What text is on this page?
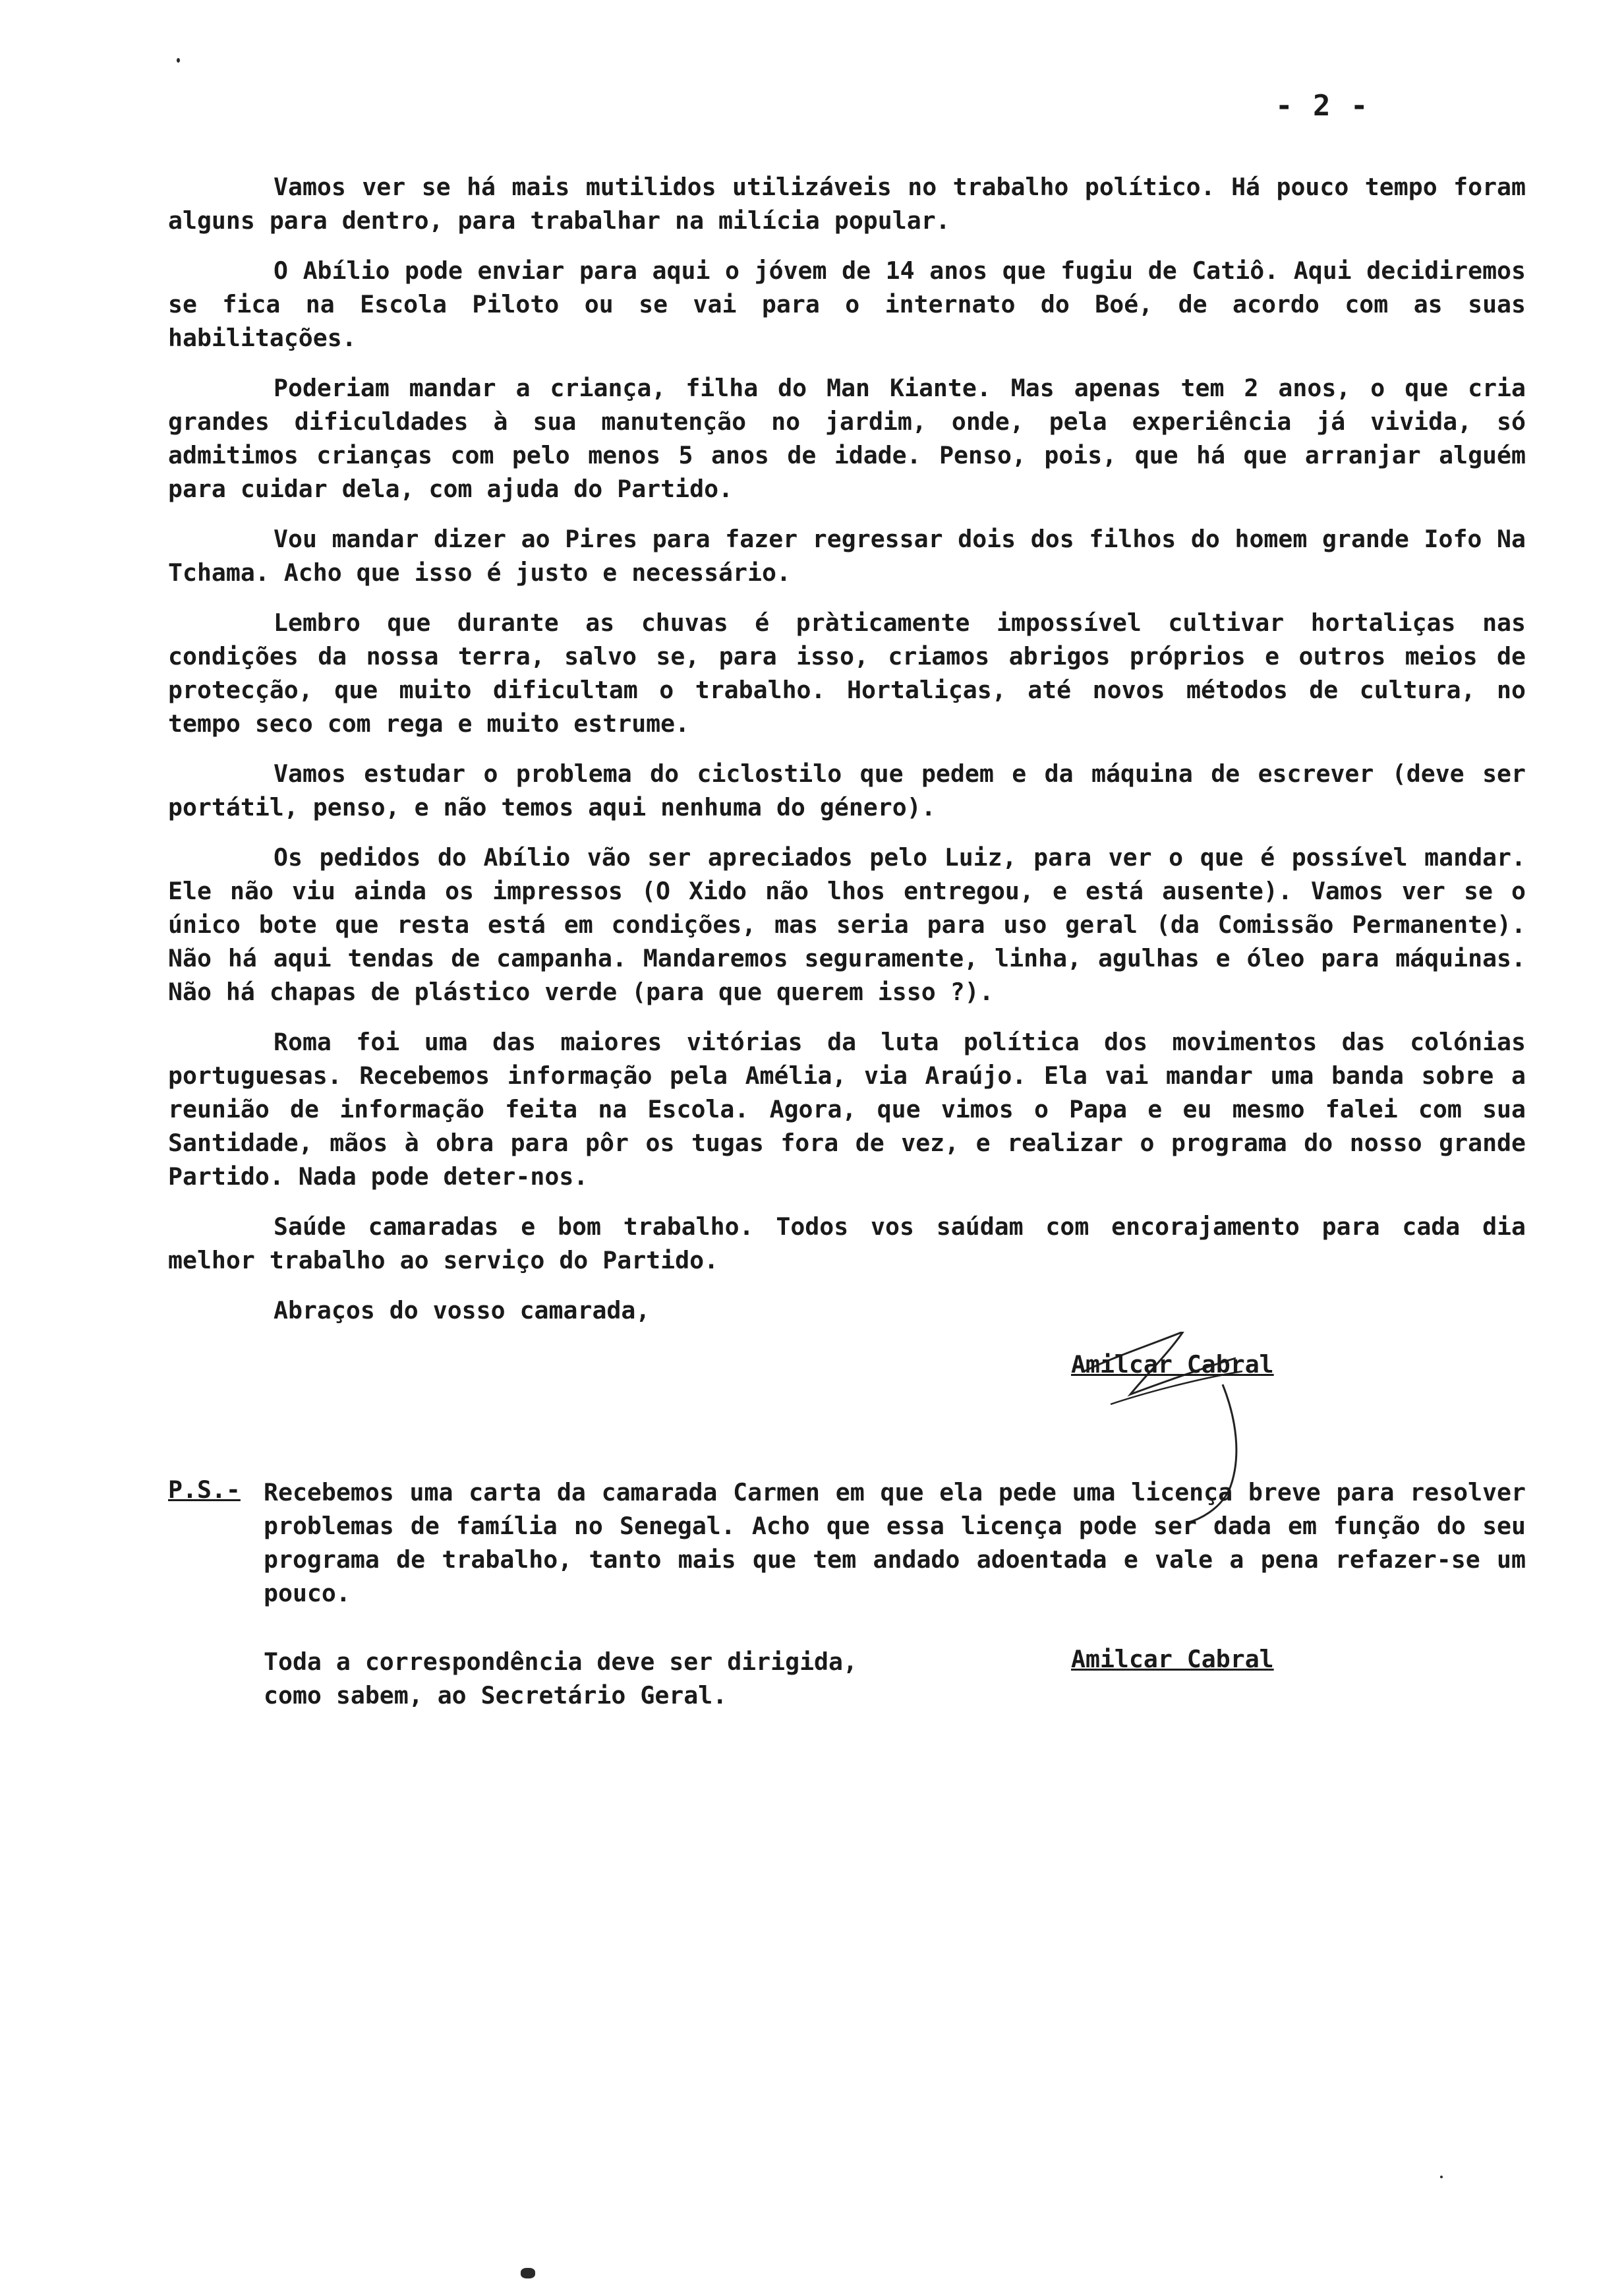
- 2 -

Vamos ver se há mais mutilidos utilizáveis no trabalho político. Há pouco tempo foram alguns para dentro, para trabalhar na milícia popular.

O Abílio pode enviar para aqui o jóvem de 14 anos que fugiu de Catiô. Aqui decidiremos se fica na Escola Piloto ou se vai para o internato do Boé, de acordo com as suas habilitações.

Poderiam mandar a criança, filha do Man Kiante. Mas apenas tem 2 anos, o que cria grandes dificuldades à sua manutenção no jardim, onde, pela experiência já vivida, só admitimos crianças com pelo menos 5 anos de idade. Penso, pois, que há que arranjar alguém para cuidar dela, com ajuda do Partido.

Vou mandar dizer ao Pires para fazer regressar dois dos filhos do homem grande Iofo Na Tchama. Acho que isso é justo e necessário.

Lembro que durante as chuvas é pràticamente impossível cultivar hortaliças nas condições da nossa terra, salvo se, para isso, criamos abrigos próprios e outros meios de protecção, que muito dificultam o trabalho. Hortaliças, até novos métodos de cultura, no tempo seco com rega e muito estrume.

Vamos estudar o problema do ciclostilo que pedem e da máquina de escrever (deve ser portátil, penso, e não temos aqui nenhuma do género).

Os pedidos do Abílio vão ser apreciados pelo Luiz, para ver o que é possível mandar. Ele não viu ainda os impressos (O Xido não lhos entregou, e está ausente). Vamos ver se o único bote que resta está em condições, mas seria para uso geral (da Comissão Permanente). Não há aqui tendas de campanha. Mandaremos seguramente, linha, agulhas e óleo para máquinas. Não há chapas de plástico verde (para que querem isso ?).

Roma foi uma das maiores vitórias da luta política dos movimentos das colónias portuguesas. Recebemos informação pela Amélia, via Araújo. Ela vai mandar uma banda sobre a reunião de informação feita na Escola. Agora, que vimos o Papa e eu mesmo falei com sua Santidade, mãos à obra para pôr os tugas fora de vez, e realizar o programa do nosso grande Partido. Nada pode deter-nos.

Saúde camaradas e bom trabalho. Todos vos saúdam com encorajamento para cada dia melhor trabalho ao serviço do Partido.

Abraços do vosso camarada,

Amilcar Cabral
P.S.- Recebemos uma carta da camarada Carmen em que ela pede uma licença breve para resolver problemas de família no Senegal. Acho que essa licença pode ser dada em função do seu programa de trabalho, tanto mais que tem andado adoentada e vale a pena refazer-se um pouco.
Toda a correspondência deve ser dirigida,
como sabem, ao Secretário Geral.
Amilcar Cabral
